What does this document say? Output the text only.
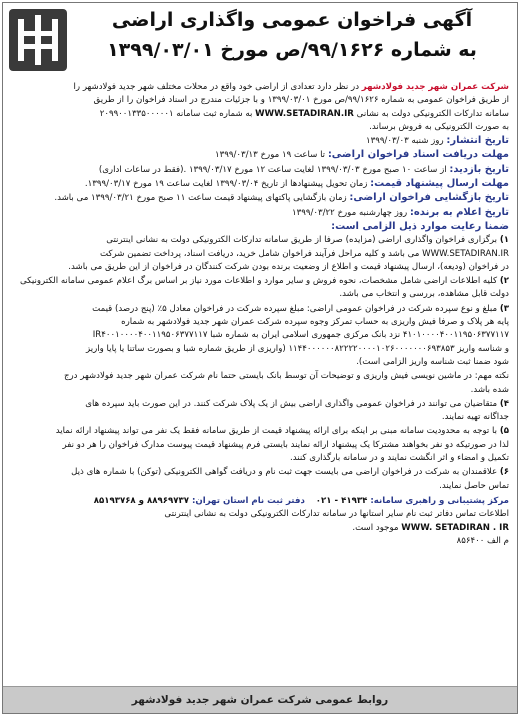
آگهی فراخوان عمومی واگذاری اراضی
به شماره ۹۹/۱۶۲۶/ص مورخ ۱۳۹۹/۰۳/۰۱

شرکت عمران شهر جدید فولادشهر در نظر دارد تعدادی از اراضی خود واقع در محلات مختلف شهر جدید فولادشهر را

از طریق فراخوان عمومی به شماره ۹۹/۱۶۲۶/ص مورخ ۱۳۹۹/۰۳/۰۱ و با جزئیات مندرج در اسناد فراخوان را از طریق

سامانه تدارکات الکترونیکی دولت به نشانی WWW.SETADIRAN.IR به شماره ثبت سامانه ۲۰۹۹۰۰۱۳۳۵۰۰۰۰۰۱

به صورت الکترونیکی به فروش برساند.

تاریخ انتشار: روز شنبه ۱۳۹۹/۰۳/۰۳

مهلت دریافت اسناد فراخوان اراضی: تا ساعت ۱۹ مورخ ۱۳۹۹/۰۳/۱۳

تاریخ بازدید: از ساعت ۱۰ صبح مورخ ۱۳۹۹/۰۳/۰۳ لغایت ساعت ۱۲ مورخ ۱۳۹۹/۰۳/۱۷ .(فقط در ساعات اداری)

مهلت ارسال پیشنهاد قیمت: زمان تحویل پیشنهادها از تاریخ ۱۳۹۹/۰۳/۰۴ لغایت ساعت ۱۹ مورخ ۱۳۹۹/۰۳/۱۷.

تاریخ بازگشایی فراخوان اراضی: زمان بازگشایی پاکتهای پیشنهاد قیمت ساعت ۱۱ صبح مورخ ۱۳۹۹/۰۳/۲۱ می باشد.

تاریخ اعلام به برنده: روز چهارشنبه مورخ ۱۳۹۹/۰۳/۲۲

ضمنا رعایت موارد ذیل الزامی است:

۱) برگزاری فراخوان واگذاری اراضی (مزایده) صرفا از طریق سامانه تدارکات الکترونیکی دولت به نشانی اینترنتی

WWW.SETADIRAN.IR می باشد و کلیه مراحل فرآیند فراخوان شامل خرید، دریافت اسناد، پرداخت تضمین شرکت

در فراخوان (ودیعه)، ارسال پیشنهاد قیمت و اطلاع از وضعیت برنده بودن شرکت کنندگان در فراخوان از این طریق می باشد.

۲) کلیه اطلاعات اراضی شامل مشخصات، نحوه فروش و سایر موارد و اطلاعات مورد نیاز بر اساس برگ اعلام عمومی سامانه الکترونیکی

دولت قابل مشاهده، بررسی و انتخاب می باشد.

۳) مبلغ و نوع سپرده شرکت در فراخوان عمومی اراضی: مبلغ سپرده شرکت در فراخوان معادل ۵٪ (پنج درصد) قیمت

پایه هر پلاک و صرفا فیش واریزی به حساب تمرکز وجوه سپرده شرکت عمران شهر جدید فولادشهر به شماره

۴۱۰۱۰۰۰۰۴۰۰۱۱۹۵۰۶۳۷۷۱۱۷ نزد بانک مرکزی جمهوری اسلامی ایران به شماره شبا IR۴۰۰۱۰۰۰۰۴۰۰۱۱۹۵۰۶۳۷۷۱۱۷

و شناسه واریز ۱۱۴۴۰۰۰۰۰۰۸۲۲۲۲۰۰۰۰۱۰۲۶۰۰۰۰۰۰۰۶۹۳۸۵۳ (واریزی از طریق شماره شبا و بصورت ساتنا یا پایا واریز

شود ضمنا ثبت شناسه واریز الزامی است).

نکته مهم: در ماشین نویسی فیش واریزی و توضیحات آن توسط بانک بایستی حتما نام شرکت عمران شهر جدید فولادشهر درج

شده باشد.

۴) متقاضیان می توانند در فراخوان عمومی واگذاری اراضی بیش از یک پلاک شرکت کنند. در این صورت باید سپرده های

جداگانه تهیه نمایند.

۵) با توجه به محدودیت سامانه مبنی بر اینکه برای ارائه پیشنهاد قیمت از طریق سامانه فقط یک نفر می تواند پیشنهاد ارائه نماید

لذا در صورتیکه دو نفر بخواهند مشترکا یک پیشنهاد ارائه نمایند بایستی فرم پیشنهاد قیمت پیوست مدارک فراخوان را هر دو نفر

تکمیل و امضاء و اثر انگشت نمایند و در سامانه بارگذاری کنند.

۶) علاقمندان به شرکت در فراخوان اراضی می بایست جهت ثبت نام و دریافت گواهی الکترونیکی (توکن) با شماره های ذیل

تماس حاصل نمایند.

مرکز پشتیبانی و راهبری سامانه: ۴۱۹۳۴ - ۰۲۱    دفتر ثبت نام استان تهران: ۸۸۹۶۹۷۳۷ و ۸۵۱۹۳۷۶۸

اطلاعات تماس دفاتر ثبت نام سایر استانها در سامانه تدارکات الکترونیکی دولت به نشانی اینترنتی

WWW. SETADIRAN . IR موجود است.

م الف ۸۵۶۴۰۰

روابط عمومی شرکت عمران شهر جدید فولادشهر
